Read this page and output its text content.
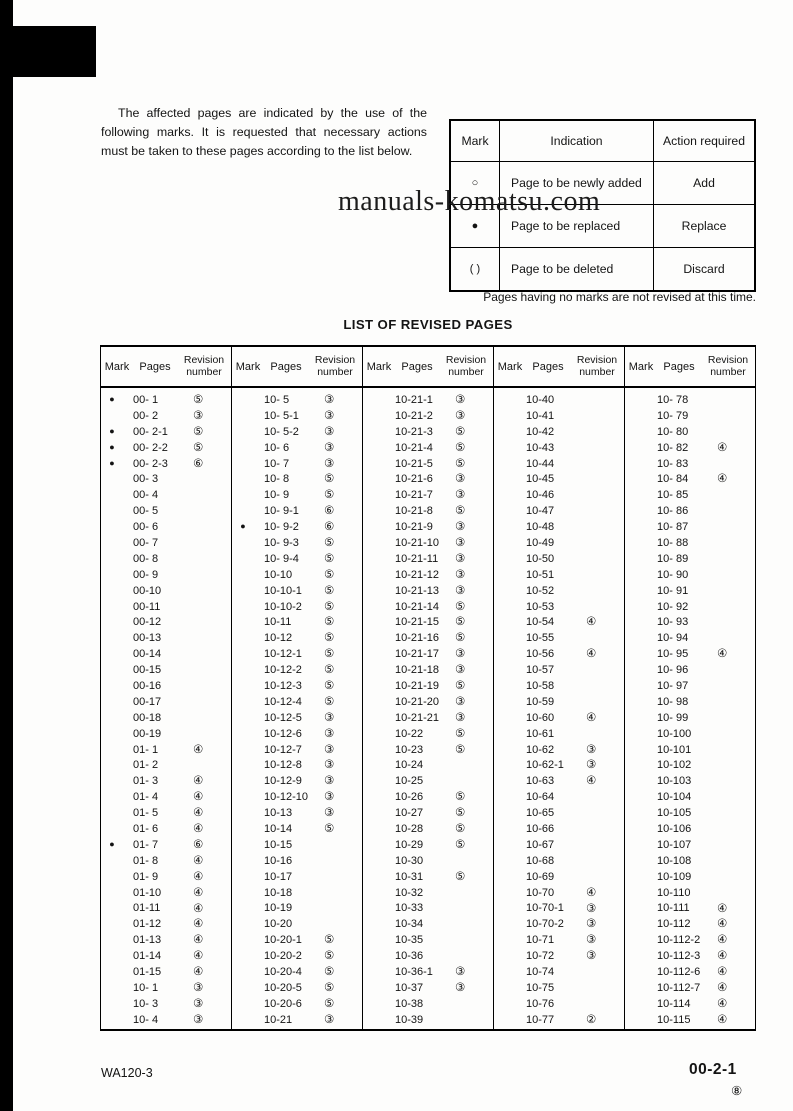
The affected pages are indicated by the use of the following marks. It is requested that necessary actions must be taken to these pages according to the list below.

manuals-komatsu.com
Mark	Indication	Action required
○	Page to be newly added	Add
●	Page to be replaced	Replace
( )	Page to be deleted	Discard
Pages having no marks are not revised at this time.
LIST OF REVISED PAGES
Mark Pages
Revision
number
●	00- 1	⑤
00- 2	③
●	00- 2-1	⑤
●	00- 2-2	⑤
●	00- 2-3	⑥
00- 3
00- 4
00- 5
00- 6
00- 7
00- 8
00- 9
00-10
00-11
00-12
00-13
00-14
00-15
00-16
00-17
00-18
00-19
01- 1	④
01- 2
01- 3	④
01- 4	④
01- 5	④
01- 6	④
●	01- 7	⑥
01- 8	④
01- 9	④
01-10	④
01-11	④
01-12	④
01-13	④
01-14	④
01-15	④
10- 1	③
10- 3	③
10- 4	③
Mark Pages
Revision
number
10- 5	③
10- 5-1	③
10- 5-2	③
10- 6	③
10- 7	③
10- 8	⑤
10- 9	⑤
10- 9-1	⑥
●	10- 9-2	⑥
10- 9-3	⑤
10- 9-4	⑤
10-10	⑤
10-10-1	⑤
10-10-2	⑤
10-11	⑤
10-12	⑤
10-12-1	⑤
10-12-2	⑤
10-12-3	⑤
10-12-4	⑤
10-12-5	③
10-12-6	③
10-12-7	③
10-12-8	③
10-12-9	③
10-12-10	③
10-13	③
10-14	⑤
10-15
10-16
10-17
10-18
10-19
10-20
10-20-1	⑤
10-20-2	⑤
10-20-4	⑤
10-20-5	⑤
10-20-6	⑤
10-21	③
Mark Pages
Revision
number
10-21-1	③
10-21-2	③
10-21-3	⑤
10-21-4	⑤
10-21-5	⑤
10-21-6	③
10-21-7	③
10-21-8	⑤
10-21-9	③
10-21-10	③
10-21-11	③
10-21-12	③
10-21-13	③
10-21-14	⑤
10-21-15	⑤
10-21-16	⑤
10-21-17	③
10-21-18	③
10-21-19	⑤
10-21-20	③
10-21-21	③
10-22	⑤
10-23	⑤
10-24
10-25
10-26	⑤
10-27	⑤
10-28	⑤
10-29	⑤
10-30
10-31	⑤
10-32
10-33
10-34
10-35
10-36
10-36-1	③
10-37	③
10-38
10-39
Mark Pages
Revision
number
10-40
10-41
10-42
10-43
10-44
10-45
10-46
10-47
10-48
10-49
10-50
10-51
10-52
10-53
10-54	④
10-55
10-56	④
10-57
10-58
10-59
10-60	④
10-61
10-62	③
10-62-1	③
10-63	④
10-64
10-65
10-66
10-67
10-68
10-69
10-70	④
10-70-1	③
10-70-2	③
10-71	③
10-72	③
10-74
10-75
10-76
10-77	②
Mark Pages
Revision
number
10- 78
10- 79
10- 80
10- 82	④
10- 83
10- 84	④
10- 85
10- 86
10- 87
10- 88
10- 89
10- 90
10- 91
10- 92
10- 93
10- 94
10- 95	④
10- 96
10- 97
10- 98
10- 99
10-100
10-101
10-102
10-103
10-104
10-105
10-106
10-107
10-108
10-109
10-110
10-111	④
10-112	④
10-112-2	④
10-112-3	④
10-112-6	④
10-112-7	④
10-114	④
10-115	④
WA120-3	00-2-1
⑧
